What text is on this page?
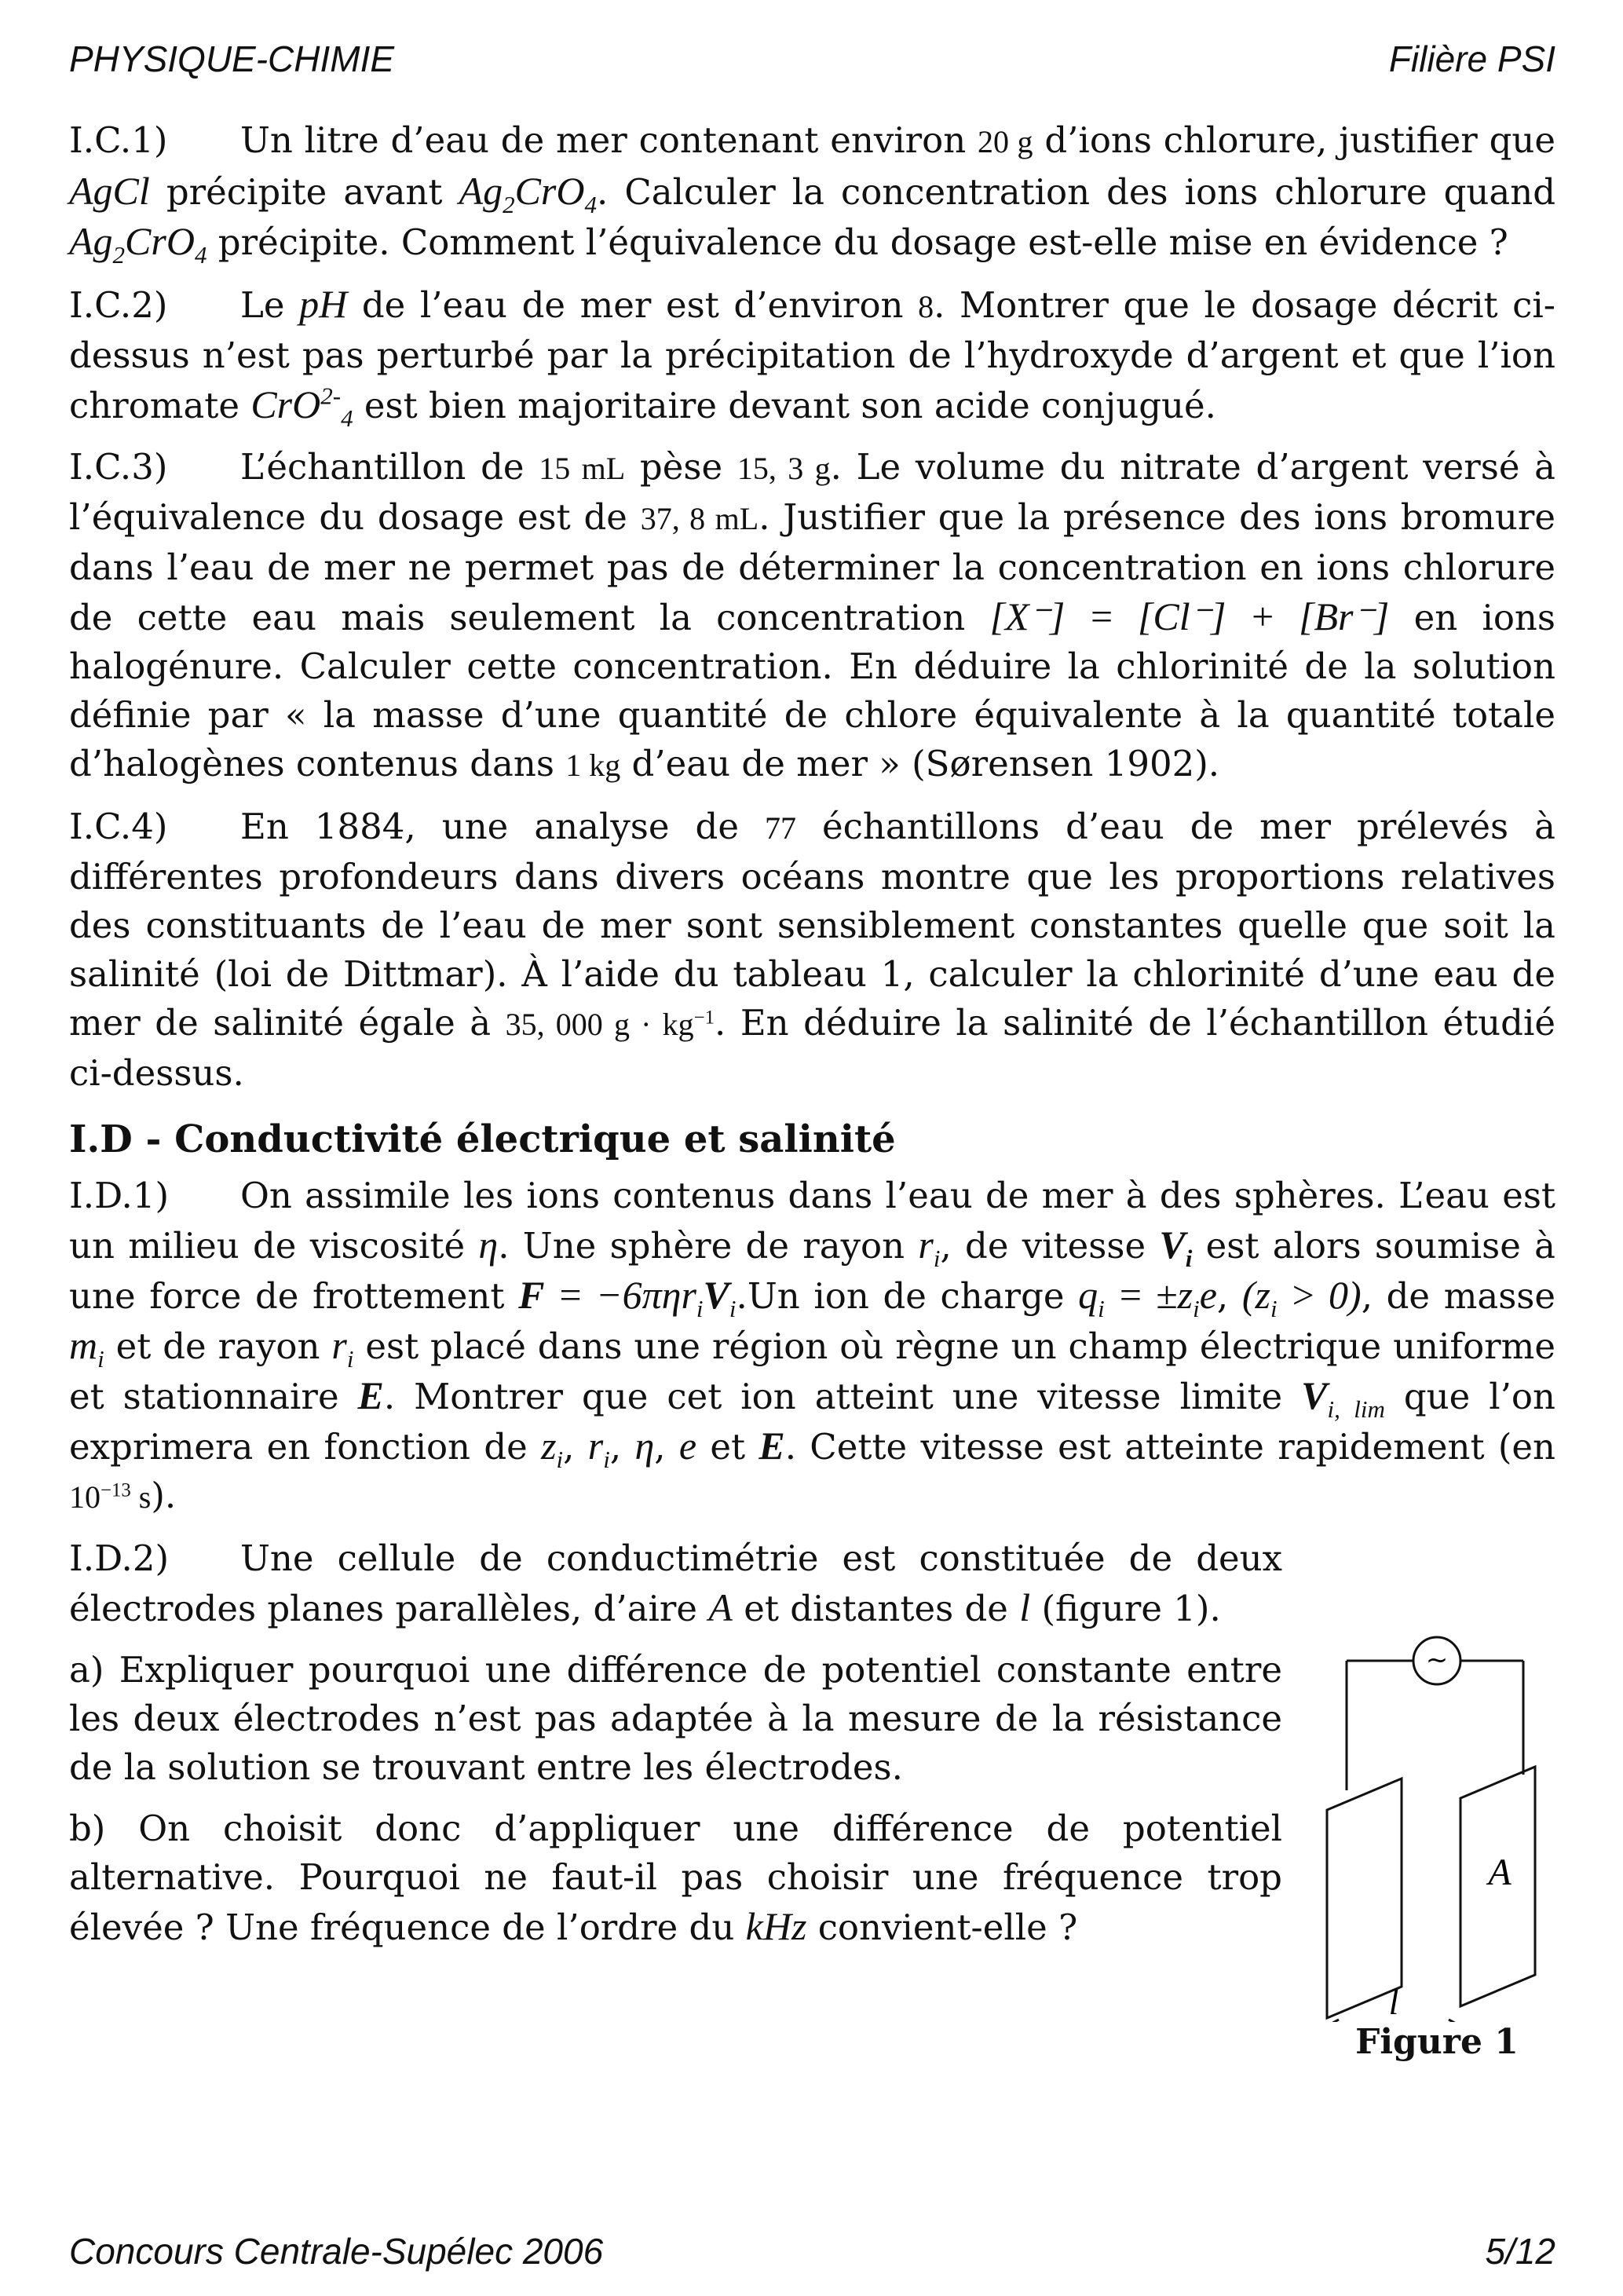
PHYSIQUE-CHIMIE	Filière PSI

I.C.1) Un litre d’eau de mer contenant environ 20 g d’ions chlorure, justifier que AgCl précipite avant $Ag_2CrO_4$. Calculer la concentration des ions chlorure quand $Ag_2CrO_4$ précipite. Comment l’équivalence du dosage est-elle mise en évidence ?

I.C.2) Le pH de l’eau de mer est d’environ 8. Montrer que le dosage décrit ci-dessus n’est pas perturbé par la précipitation de l’hydroxyde d’argent et que l’ion chromate CrO$^{2-}_4$ est bien majoritaire devant son acide conjugué.

I.C.3) L’échantillon de 15 mL pèse 15, 3 g. Le volume du nitrate d’argent versé à l’équivalence du dosage est de 37, 8 mL. Justifier que la présence des ions bromure dans l’eau de mer ne permet pas de déterminer la concentration en ions chlorure de cette eau mais seulement la concentration [X⁻] = [Cl⁻] + [Br⁻] en ions halogénure. Calculer cette concentration. En déduire la chlorinité de la solution définie par « la masse d’une quantité de chlore équivalente à la quantité totale d’halogènes contenus dans 1 kg d’eau de mer » (Sørensen 1902).

I.C.4) En 1884, une analyse de 77 échantillons d’eau de mer prélevés à différentes profondeurs dans divers océans montre que les proportions relatives des constituants de l’eau de mer sont sensiblement constantes quelle que soit la salinité (loi de Dittmar). À l’aide du tableau 1, calculer la chlorinité d’une eau de mer de salinité égale à 35, 000 $g \cdot kg^{-1}$. En déduire la salinité de l’échantillon étudié ci-dessus.

I.D - Conductivité électrique et salinité

I.D.1) On assimile les ions contenus dans l’eau de mer à des sphères. L’eau est un milieu de viscosité η. Une sphère de rayon $r_i$, de vitesse $V_i$ est alors soumise à une force de frottement $F = -6\pi\eta r_iV_i.Un$ ion de charge $q_i = \pm z_ie$, $(z_i > 0)$, de masse $m_i$ et de rayon $r_i$ est placé dans une région où règne un champ électrique uniforme et stationnaire E. Montrer que cet ion atteint une vitesse limite $V_{i, lim}$ que l’on exprimera en fonction de $z_i$, $r_i$, η, e et E. Cette vitesse est atteinte rapidement (en $10^{-13}$ s).

I.D.2) Une cellule de conductimétrie est constituée de deux électrodes planes parallèles, d’aire A et distantes de l (figure 1).

a) Expliquer pourquoi une différence de potentiel constante entre les deux électrodes n’est pas adaptée à la mesure de la résistance de la solution se trouvant entre les électrodes.

b) On choisit donc d’appliquer une différence de potentiel alternative. Pourquoi ne faut-il pas choisir une fréquence trop élevée ? Une fréquence de l’ordre du kHz convient-elle ?

~
A
l
Figure 1
Concours Centrale-Supélec 2006	5/12
